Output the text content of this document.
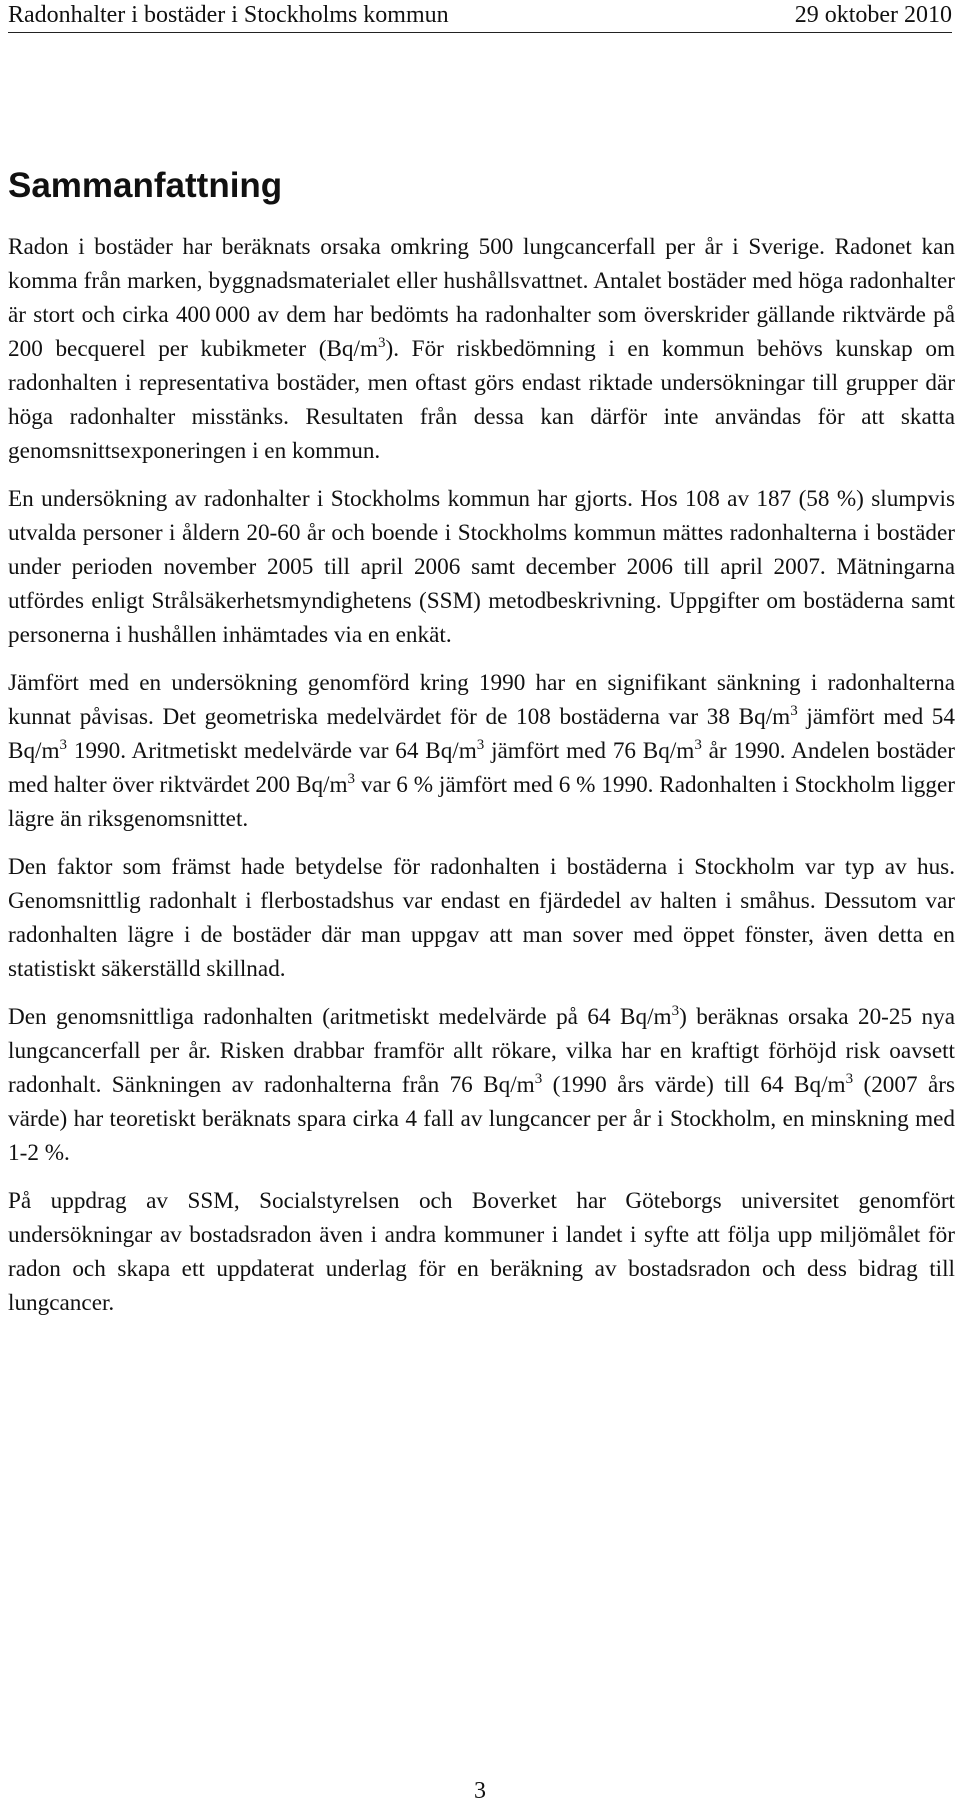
Radonhalter i bostäder i Stockholms kommun	29 oktober 2010
Sammanfattning

Radon i bostäder har beräknats orsaka omkring 500 lungcancerfall per år i Sverige. Radonet kan komma från marken, byggnadsmaterialet eller hushållsvattnet. Antalet bostäder med höga radonhalter är stort och cirka 400 000 av dem har bedömts ha radonhalter som överskrider gällande riktvärde på 200 becquerel per kubikmeter $(Bq/m^3)$. För riskbedömning i en kommun behövs kunskap om radonhalten i representativa bostäder, men oftast görs endast riktade undersökningar till grupper där höga radonhalter misstänks. Resultaten från dessa kan därför inte användas för att skatta genomsnittsexponeringen i en kommun.

En undersökning av radonhalter i Stockholms kommun har gjorts. Hos 108 av 187 (58 %) slumpvis utvalda personer i åldern 20-60 år och boende i Stockholms kommun mättes radonhalterna i bostäder under perioden november 2005 till april 2006 samt december 2006 till april 2007. Mätningarna utfördes enligt Strålsäkerhetsmyndighetens (SSM) metodbeskrivning. Uppgifter om bostäderna samt personerna i hushållen inhämtades via en enkät.

Jämfört med en undersökning genomförd kring 1990 har en signifikant sänkning i radonhalterna kunnat påvisas. Det geometriska medelvärdet för de 108 bostäderna var 38 $Bq/m^3$ jämfört med 54 $Bq/m^3$ 1990. Aritmetiskt medelvärde var 64 $Bq/m^3$ jämfört med 76 $Bq/m^3$ år 1990. Andelen bostäder med halter över riktvärdet 200 $Bq/m^3$ var 6 % jämfört med 6 % 1990. Radonhalten i Stockholm ligger lägre än riksgenomsnittet.

Den faktor som främst hade betydelse för radonhalten i bostäderna i Stockholm var typ av hus. Genomsnittlig radonhalt i flerbostadshus var endast en fjärdedel av halten i småhus. Dessutom var radonhalten lägre i de bostäder där man uppgav att man sover med öppet fönster, även detta en statistiskt säkerställd skillnad.

Den genomsnittliga radonhalten (aritmetiskt medelvärde på 64 $Bq/m^3$) beräknas orsaka 20-25 nya lungcancerfall per år. Risken drabbar framför allt rökare, vilka har en kraftigt förhöjd risk oavsett radonhalt. Sänkningen av radonhalterna från 76 $Bq/m^3$ (1990 års värde) till 64 $Bq/m^3$ (2007 års värde) har teoretiskt beräknats spara cirka 4 fall av lungcancer per år i Stockholm, en minskning med 1-2 %.

På uppdrag av SSM, Socialstyrelsen och Boverket har Göteborgs universitet genomfört undersökningar av bostadsradon även i andra kommuner i landet i syfte att följa upp miljömålet för radon och skapa ett uppdaterat underlag för en beräkning av bostadsradon och dess bidrag till lungcancer.

3
